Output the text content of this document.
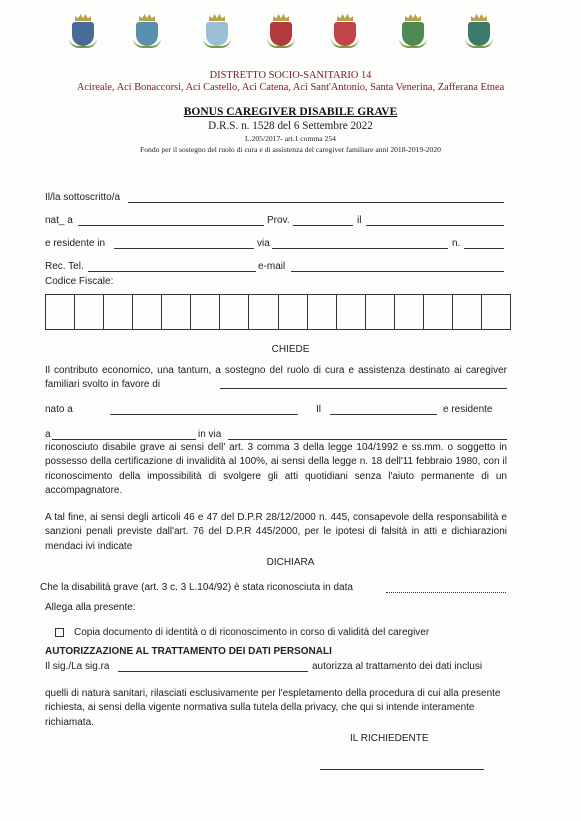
DISTRETTO SOCIO-SANITARIO 14
Acireale, Aci Bonaccorsi, Aci Castello, Aci Catena, Aci Sant'Antonio, Santa Venerina, Zafferana Etnea
BONUS CAREGIVER DISABILE GRAVE
D.R.S. n. 1528 del 6 Settembre 2022
L.205/2017- art.1 comma 254
Fondo per il sostegno del ruolo di cura e di assistenza del caregiver familiare anni 2018-2019-2020
Il/la sottoscritto/a
nat_ a	Prov.	il
e residente in	via	n.
Rec. Tel.	e-mail
Codice Fiscale:
CHIEDE
Il contributo economico, una tantum, a sostegno del ruolo di cura e assistenza destinato ai caregiver familiari svolto in favore di
nato a	Il	e residente
a	in via
riconosciuto disabile grave ai sensi dell' art. 3 comma 3 della legge 104/1992 e ss.mm. o soggetto in possesso della certificazione di invalidità al 100%, ai sensi della legge n. 18 dell'11 febbraio 1980, con il riconoscimento della impossibilità di svolgere gli atti quotidiani senza l'aiuto permanente di un accompagnatore.
A tal fine, ai sensi degli articoli 46 e 47 del D.P.R 28/12/2000 n. 445, consapevole della responsabilità e sanzioni penali previste dall'art. 76 del D.P.R 445/2000, per le ipotesi di falsità in atti e dichiarazioni mendaci ivi indicate
DICHIARA
Che la disabilità grave (art. 3 c. 3 L.104/92) è stata riconosciuta in data
Allega alla presente:
Copia documento di identità o di riconoscimento in corso di validità del caregiver
AUTORIZZAZIONE AL TRATTAMENTO DEI DATI PERSONALI
Il sig./La sig.ra	autorizza al trattamento dei dati inclusi
quelli di natura sanitari, rilasciati esclusivamente per l'espletamento della procedura di cui alla presente richiesta, ai sensi della vigente normativa sulla tutela della privacy, che qui si intende interamente richiamata.
IL RICHIEDENTE
